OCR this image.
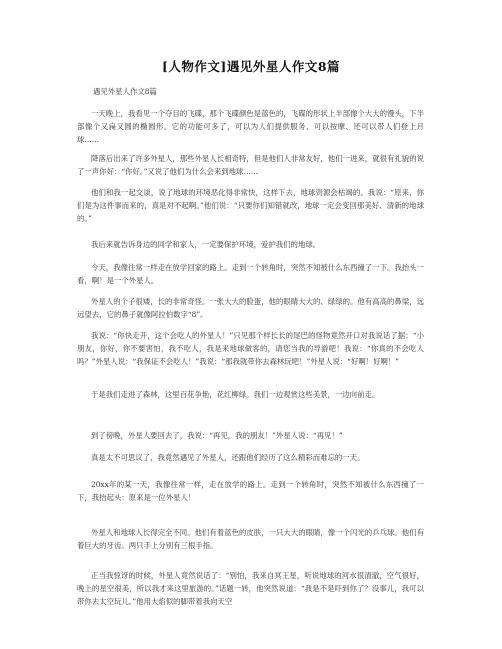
[人物作文]遇见外星人作文8篇
遇见外星人作文8篇
一天晚上，我看见一个夺目的飞碟，那个飞碟颜色是蓝色的，飞碟的形状上半部像个大大的馒头，下半部像个又扁又圆的椭圆形。它的功能可多了，可以为人们提供服务、可以按摩、还可以带人们登上月球……
降落后出来了许多外星人，那些外星人长相奇特，但是他们人非常友好，他们一进来，就很有礼貌的说了一声你好：“你好。”又说了他们为什么会来到地球……
他们和我一起交谈，说了地球的环境恶化得非常快，这样下去，地球资源会枯竭的。我说：“原来，你们是为这件事而来的，真是对不起啊。”他们说：“只要你们知错就改，地球一定会变回那美好、清新的地球的。”
我后来就告诉身边的同学和家人，一定要保护环境，爱护我们的地球。
今天，我像往常一样走在放学回家的路上。走到一个转角时，突然不知被什么东西撞了一下。我抬头一看，啊！是一个外星人。
外星人的个子很矮，长的非常奇怪。一张大大的脸蛋，他的眼睛大大的、绿绿的。他有高高的鼻梁，远远望去，它的鼻子就像阿拉伯数字“8”。
我说：“你快走开，这个会吃人的外星人！”只见那个样长长的尾巴的怪物竟然开口对我说话了据：“小朋友，你好，你不要害怕，我不吃人，我是来地球做客的，请您当我的导游吧！我说：“你真的不会吃人吗？”外星人说：“我保证不会吃人！”我说：“那我就带你去森林玩吧！”外星人说：“好啊！好啊！”
于是我们走进了森林，这里百花争艳，花红柳绿。我们一边观赏这些美景，一边向前走。
到了傍晚，外星人要回去了，我说：“再见，我的朋友！”外星人说：“再见！”
真是太不可思议了，我竟然遇见了外星人，还跟他们经历了这么精彩而难忘的一天。
20xx年的某一天，我像往常一样，走在放学的路上。走到一个转角时，突然不知被什么东西撞了一下，我抬起头：原来是一位外星人！
外星人和地球人长得完全不同。他们有着蓝色的皮肤，一只大大的眼睛，像一个闪光的乒乓球。他们有着巨大的牙齿。两只手上分别有三根手指。
正当我惊讶的时候，外星人竟然说话了：“别怕，我来自冥王星，听说地球的河水很清澈，空气很好，晚上的星空很美，所以我才来这里旅游的。”话题一转，他突然说道：“我是不是吓到你了？没事儿，我可以带你去太空玩儿。”他用大焰似的脚带着我向天空
